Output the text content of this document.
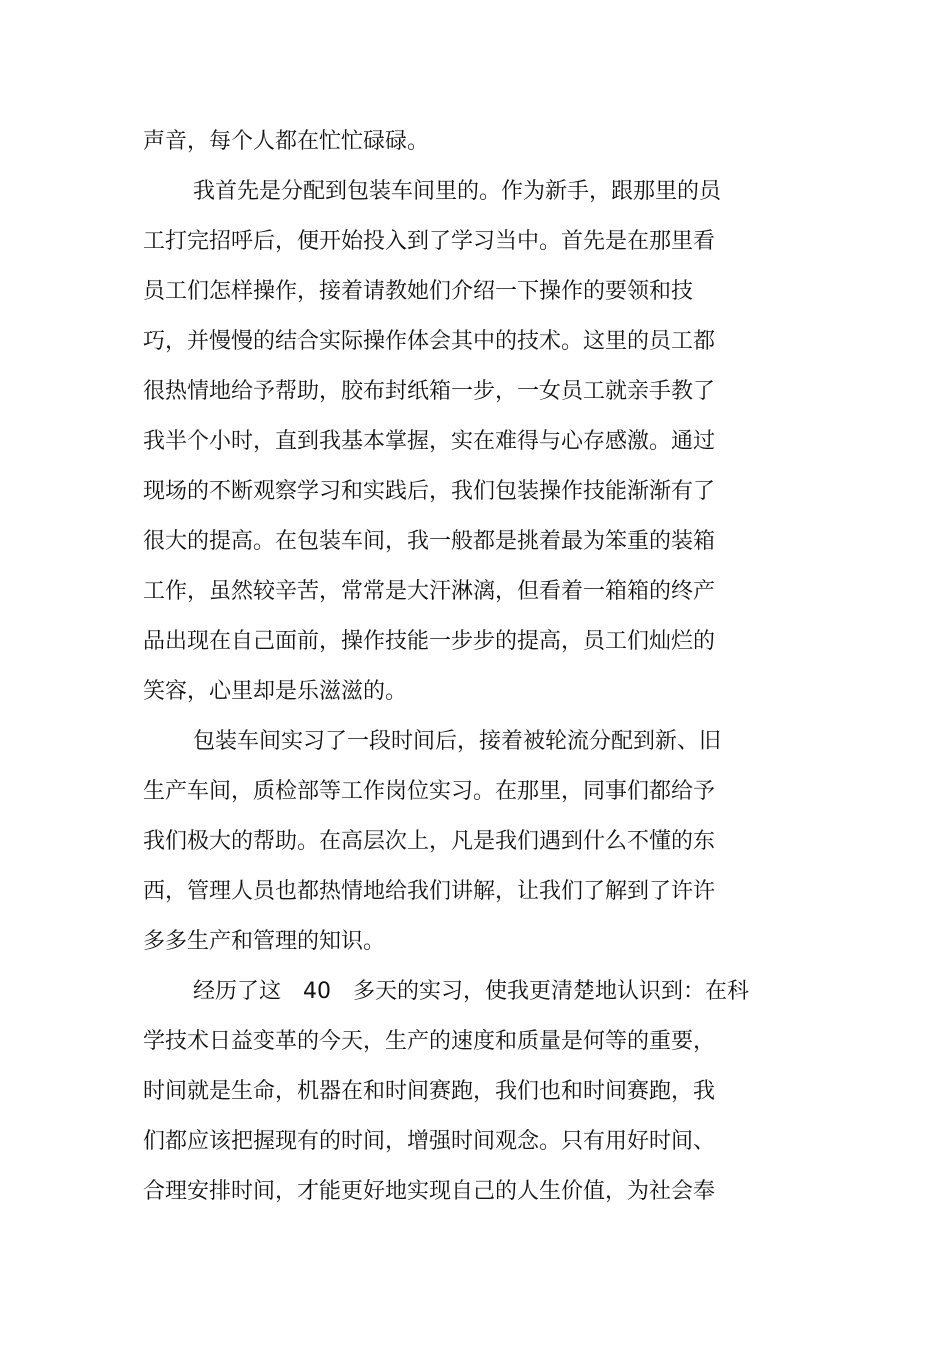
声音，每个人都在忙忙碌碌。

我首先是分配到包装车间里的。作为新手，跟那里的员

工打完招呼后，便开始投入到了学习当中。首先是在那里看

员工们怎样操作，接着请教她们介绍一下操作的要领和技

巧，并慢慢的结合实际操作体会其中的技术。这里的员工都

很热情地给予帮助，胶布封纸箱一步，一女员工就亲手教了

我半个小时，直到我基本掌握，实在难得与心存感激。通过

现场的不断观察学习和实践后，我们包装操作技能渐渐有了

很大的提高。在包装车间，我一般都是挑着最为笨重的装箱

工作，虽然较辛苦，常常是大汗淋漓，但看着一箱箱的终产

品出现在自己面前，操作技能一步步的提高，员工们灿烂的

笑容，心里却是乐滋滋的。

包装车间实习了一段时间后，接着被轮流分配到新、旧

生产车间，质检部等工作岗位实习。在那里，同事们都给予

我们极大的帮助。在高层次上，凡是我们遇到什么不懂的东

西，管理人员也都热情地给我们讲解，让我们了解到了许许

多多生产和管理的知识。

经历了这　40　多天的实习，使我更清楚地认识到：在科

学技术日益变革的今天，生产的速度和质量是何等的重要，

时间就是生命，机器在和时间赛跑，我们也和时间赛跑，我

们都应该把握现有的时间，增强时间观念。只有用好时间、

合理安排时间，才能更好地实现自己的人生价值，为社会奉
